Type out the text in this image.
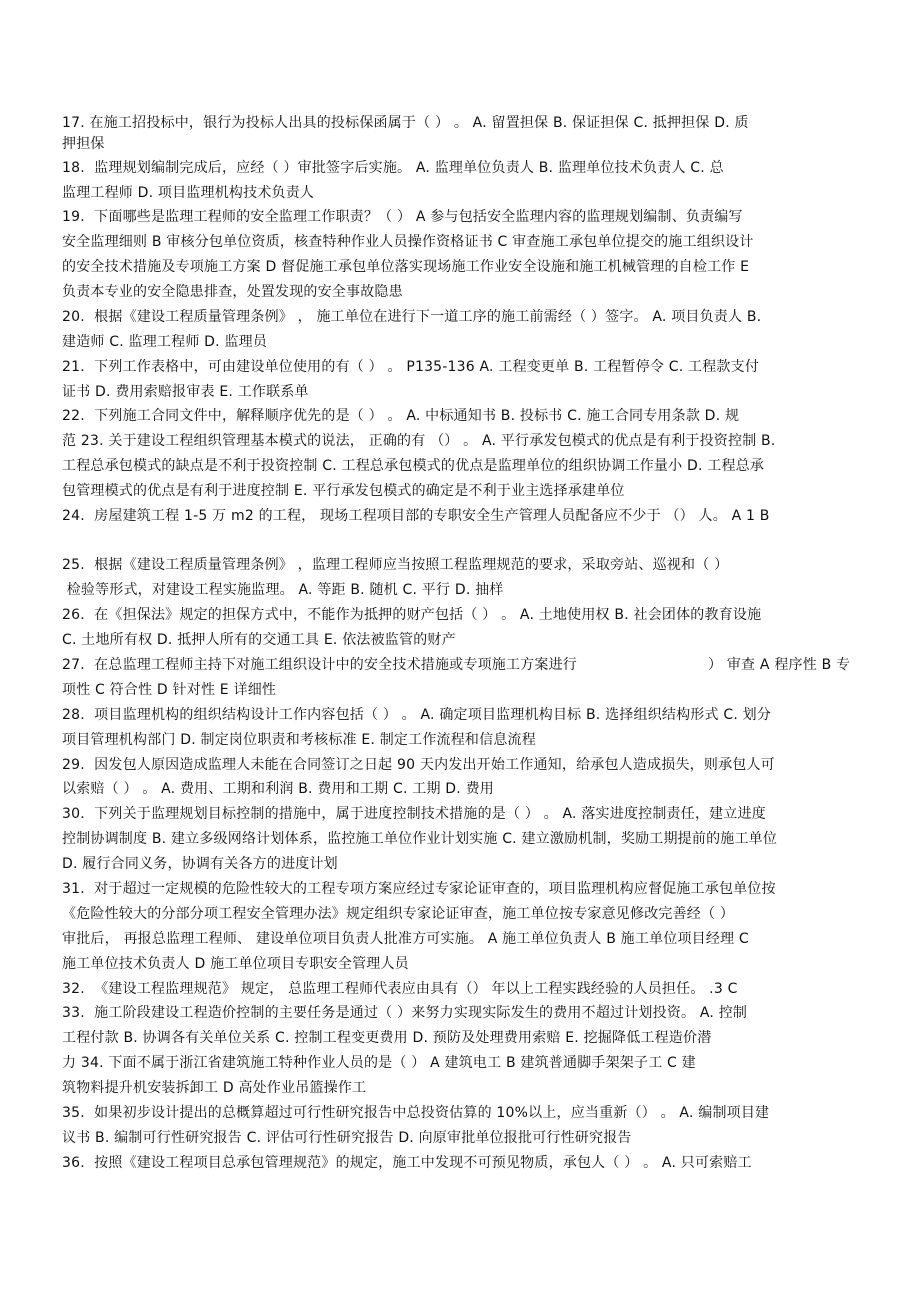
17. 在施工招投标中，银行为投标人出具的投标保函属于（ ） 。 A. 留置担保 B. 保证担保 C. 抵押担保 D. 质
押担保
18.  监理规划编制完成后，应经（ ）审批签字后实施。 A. 监理单位负责人 B. 监理单位技术负责人 C. 总
监理工程师 D. 项目监理机构技术负责人
19.  下面哪些是监理工程师的安全监理工作职责？（ ） A 参与包括安全监理内容的监理规划编制、负责编写
安全监理细则 B 审核分包单位资质，核查特种作业人员操作资格证书 C 审查施工承包单位提交的施工组织设计
的安全技术措施及专项施工方案 D 督促施工承包单位落实现场施工作业安全设施和施工机械管理的自检工作 E
负责本专业的安全隐患排查，处置发现的安全事故隐患
20.  根据《建设工程质量管理条例》 ， 施工单位在进行下一道工序的施工前需经（ ）签字。 A. 项目负责人 B.
建造师 C. 监理工程师 D. 监理员
21.  下列工作表格中，可由建设单位使用的有（ ） 。 P135-136 A. 工程变更单 B. 工程暂停令 C. 工程款支付
证书 D. 费用索赔报审表 E. 工作联系单
22.  下列施工合同文件中，解释顺序优先的是（ ） 。 A. 中标通知书 B. 投标书 C. 施工合同专用条款 D. 规
范 23. 关于建设工程组织管理基本模式的说法， 正确的有 （） 。 A. 平行承发包模式的优点是有利于投资控制 B.
工程总承包模式的缺点是不利于投资控制 C. 工程总承包模式的优点是监理单位的组织协调工作量小 D. 工程总承
包管理模式的优点是有利于进度控制 E. 平行承发包模式的确定是不利于业主选择承建单位
24.  房屋建筑工程 1-5 万 m2 的工程， 现场工程项目部的专职安全生产管理人员配备应不少于 （） 人。 A 1 B
25.  根据《建设工程质量管理条例》 ，监理工程师应当按照工程监理规范的要求，采取旁站、巡视和（ ）
检验等形式，对建设工程实施监理。 A. 等距 B. 随机 C. 平行 D. 抽样
26.  在《担保法》规定的担保方式中，不能作为抵押的财产包括（ ） 。 A. 土地使用权 B. 社会团体的教育设施
C. 土地所有权 D. 抵押人所有的交通工具 E. 依法被监管的财产
27.  在总监理工程师主持下对施工组织设计中的安全技术措施或专项施工方案进行	） 审查 A 程序性 B 专
项性 C 符合性 D 针对性 E 详细性
28.  项目监理机构的组织结构设计工作内容包括（ ） 。 A. 确定项目监理机构目标 B. 选择组织结构形式 C. 划分
项目管理机构部门 D. 制定岗位职责和考核标准 E. 制定工作流程和信息流程
29.  因发包人原因造成监理人未能在合同签订之日起 90 天内发出开始工作通知，给承包人造成损失，则承包人可
以索赔（ ） 。 A. 费用、工期和利润 B. 费用和工期 C. 工期 D. 费用
30.  下列关于监理规划目标控制的措施中，属于进度控制技术措施的是（ ） 。 A. 落实进度控制责任，建立进度
控制协调制度 B. 建立多级网络计划体系，监控施工单位作业计划实施 C. 建立激励机制，奖励工期提前的施工单位
D. 履行合同义务，协调有关各方的进度计划
31.  对于超过一定规模的危险性较大的工程专项方案应经过专家论证审查的，项目监理机构应督促施工承包单位按
《危险性较大的分部分项工程安全管理办法》规定组织专家论证审查，施工单位按专家意见修改完善经（ ）
审批后， 再报总监理工程师、 建设单位项目负责人批准方可实施。 A 施工单位负责人 B 施工单位项目经理 C
施工单位技术负责人 D 施工单位项目专职安全管理人员
32.  《建设工程监理规范》 规定， 总监理工程师代表应由具有（） 年以上工程实践经验的人员担任。 .3 C
33.  施工阶段建设工程造价控制的主要任务是通过（ ）来努力实现实际发生的费用不超过计划投资。 A. 控制
工程付款 B. 协调各有关单位关系 C. 控制工程变更费用 D. 预防及处理费用索赔 E. 挖掘降低工程造价潜
力 34. 下面不属于浙江省建筑施工特种作业人员的是（ ） A 建筑电工 B 建筑普通脚手架架子工 C 建
筑物料提升机安装拆卸工 D 高处作业吊篮操作工
35.  如果初步设计提出的总概算超过可行性研究报告中总投资估算的 10%以上，应当重新（） 。 A. 编制项目建
议书 B. 编制可行性研究报告 C. 评估可行性研究报告 D. 向原审批单位报批可行性研究报告
36.  按照《建设工程项目总承包管理规范》的规定，施工中发现不可预见物质，承包人（ ） 。 A. 只可索赔工
